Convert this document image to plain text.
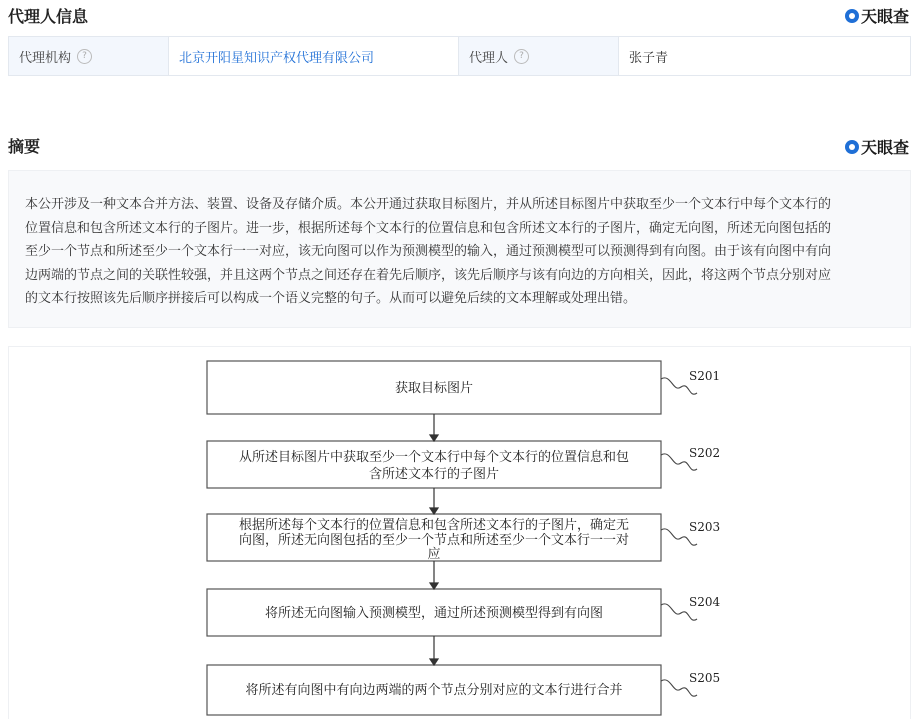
代理人信息	天眼查
代理机构	?	北京开阳星知识产权代理有限公司	代理人	?	张子青
摘要	天眼查
本公开涉及一种文本合并方法、装置、设备及存储介质。本公开通过获取目标图片，并从所述目标图片中获取至少一个文本行中每个文本行的
位置信息和包含所述文本行的子图片。进一步，根据所述每个文本行的位置信息和包含所述文本行的子图片，确定无向图，所述无向图包括的
至少一个节点和所述至少一个文本行一一对应，该无向图可以作为预测模型的输入，通过预测模型可以预测得到有向图。由于该有向图中有向
边两端的节点之间的关联性较强，并且这两个节点之间还存在着先后顺序，该先后顺序与该有向边的方向相关，因此，将这两个节点分别对应
的文本行按照该先后顺序拼接后可以构成一个语义完整的句子。从而可以避免后续的文本理解或处理出错。
S201
S202
S203
S204
S205
获取目标图片
从所述目标图片中获取至少一个文本行中每个文本行的位置信息和包
含所述文本行的子图片
根据所述每个文本行的位置信息和包含所述文本行的子图片，确定无
向图，所述无向图包括的至少一个节点和所述至少一个文本行一一对
应
将所述无向图输入预测模型，通过所述预测模型得到有向图
将所述有向图中有向边两端的两个节点分别对应的文本行进行合并
